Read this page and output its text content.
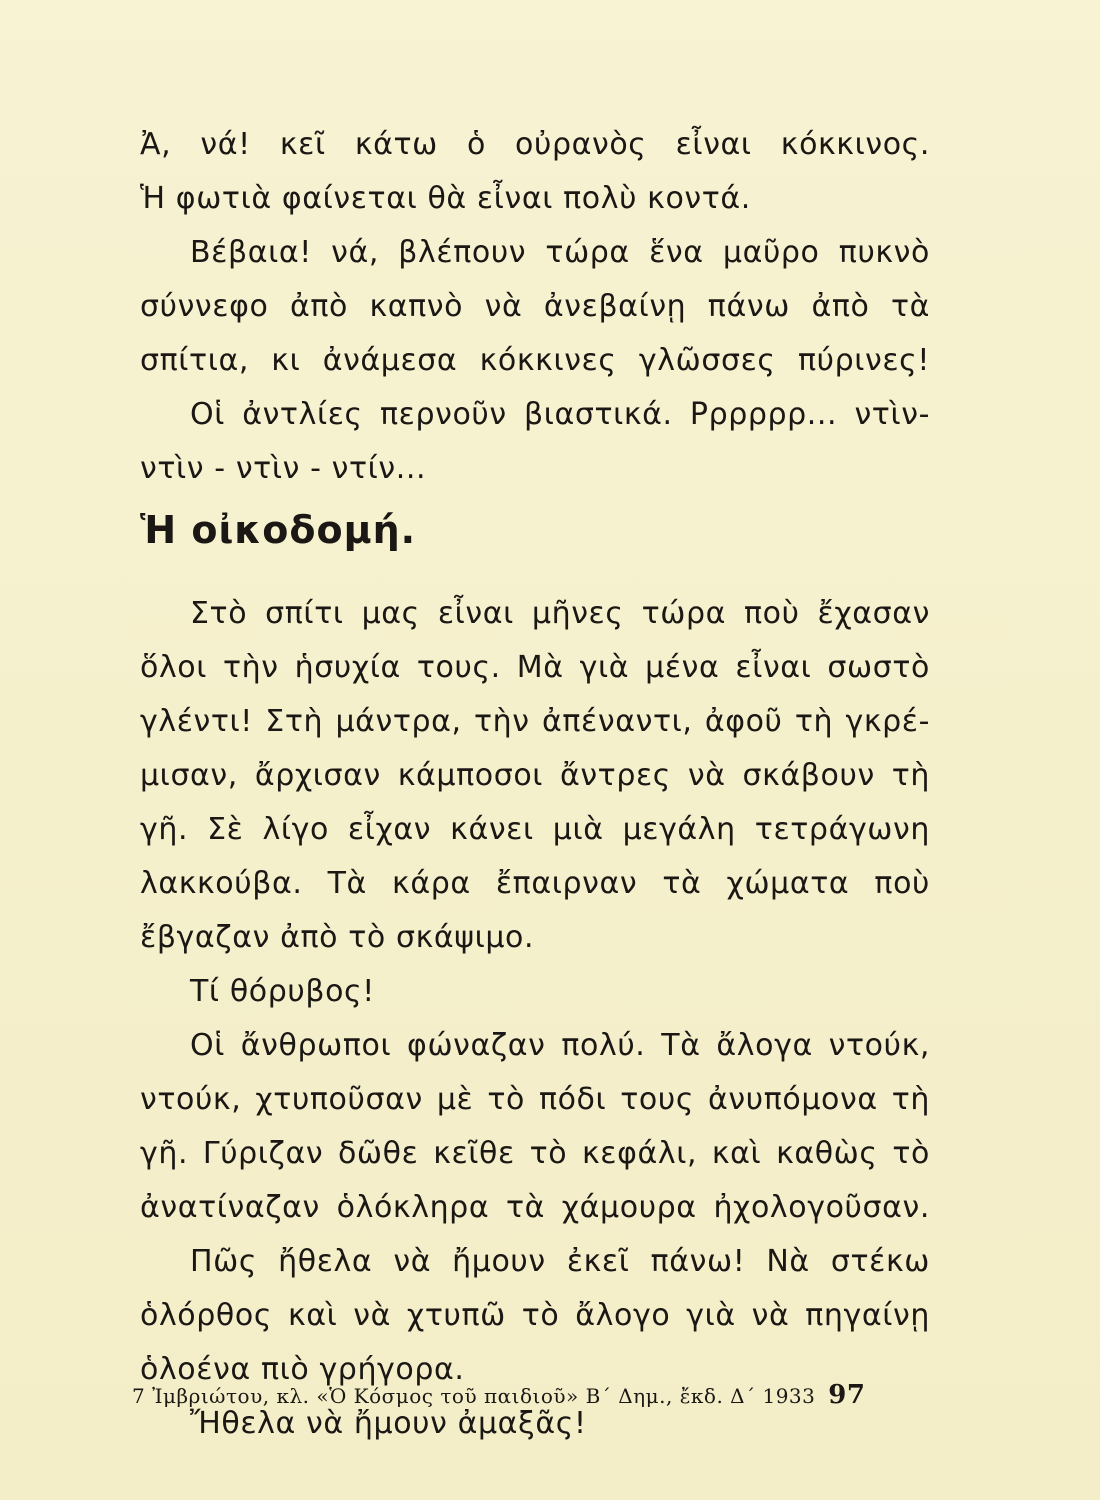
Ἀ, νά! κεῖ κάτω ὁ οὐρανὸς εἶναι κόκκινος.
Ἡ φωτιὰ φαίνεται θὰ εἶναι πολὺ κοντά.
Βέβαια! νά, βλέπουν τώρα ἕνα μαῦρο πυκνὸ
σύννεφο ἀπὸ καπνὸ νὰ ἀνεβαίνῃ πάνω ἀπὸ τὰ
σπίτια, κι ἀνάμεσα κόκκινες γλῶσσες πύρινες!
Οἱ ἀντλίες περνοῦν βιαστικά. Ρρρρρρ... ντὶν-
ντὶν - ντὶν - ντίν...
Ἡ οἰκοδομή.
Στὸ σπίτι μας εἶναι μῆνες τώρα ποὺ ἔχασαν
ὅλοι τὴν ἡσυχία τους. Μὰ γιὰ μένα εἶναι σωστὸ
γλέντι! Στὴ μάντρα, τὴν ἀπέναντι, ἀφοῦ τὴ γκρέ-
μισαν, ἄρχισαν κάμποσοι ἄντρες νὰ σκάβουν τὴ
γῆ. Σὲ λίγο εἶχαν κάνει μιὰ μεγάλη τετράγωνη
λακκούβα. Τὰ κάρα ἔπαιρναν τὰ χώματα ποὺ
ἔβγαζαν ἀπὸ τὸ σκάψιμο.
Τί θόρυβος!
Οἱ ἄνθρωποι φώναζαν πολύ. Τὰ ἄλογα ντούκ,
ντούκ, χτυποῦσαν μὲ τὸ πόδι τους ἀνυπόμονα τὴ
γῆ. Γύριζαν δῶθε κεῖθε τὸ κεφάλι, καὶ καθὼς τὸ
ἀνατίναζαν ὁλόκληρα τὰ χάμουρα ἠχολογοῦσαν.
Πῶς ἤθελα νὰ ἤμουν ἐκεῖ πάνω! Νὰ στέκω
ὁλόρθος καὶ νὰ χτυπῶ τὸ ἄλογο γιὰ νὰ πηγαίνῃ
ὁλοένα πιὸ γρήγορα.
Ἤθελα νὰ ἤμουν ἀμαξᾶς!
7 Ἰμβριώτου, κλ. «Ὁ Κόσμος τοῦ παιδιοῦ» Β΄ Δημ., ἔκδ. Δ΄ 1933 97
